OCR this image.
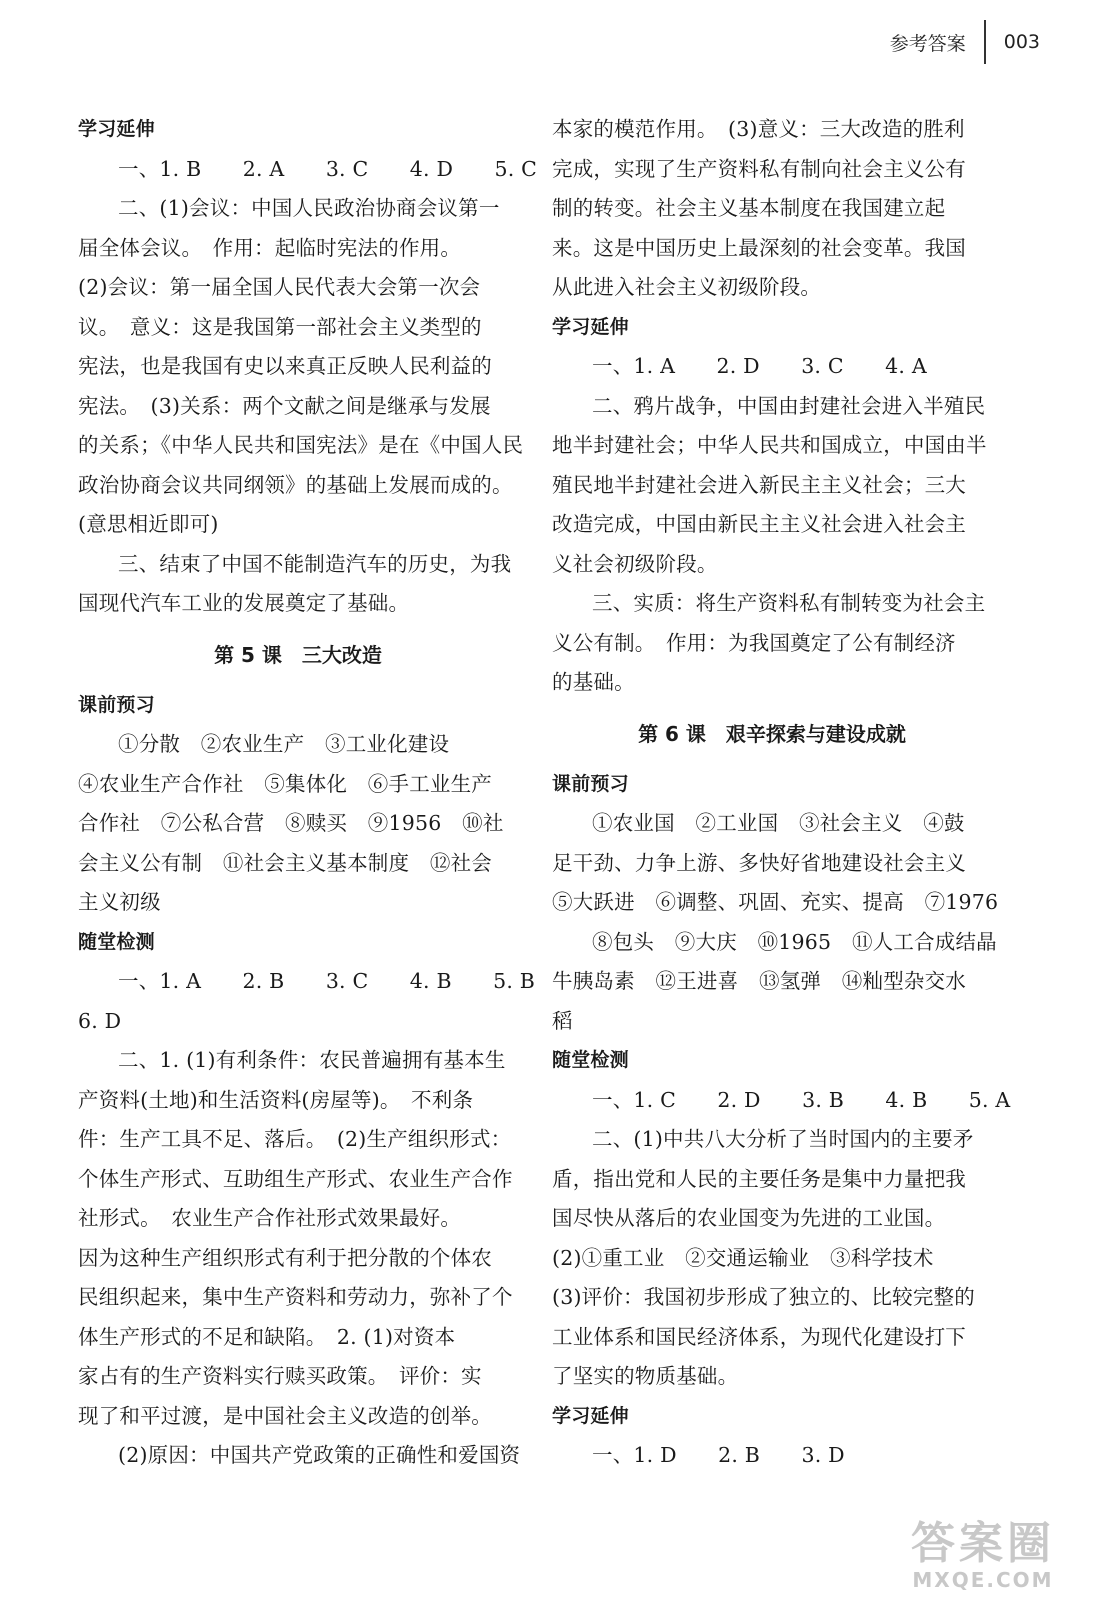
参考答案 003
学习延伸
一、1. B　　2. A　　3. C　　4. D　　5. C
二、(1)会议：中国人民政治协商会议第一
届全体会议。　作用：起临时宪法的作用。
(2)会议：第一届全国人民代表大会第一次会
议。　意义：这是我国第一部社会主义类型的
宪法，也是我国有史以来真正反映人民利益的
宪法。　(3)关系：两个文献之间是继承与发展
的关系；《中华人民共和国宪法》是在《中国人民
政治协商会议共同纲领》的基础上发展而成的。
(意思相近即可)
三、结束了中国不能制造汽车的历史，为我
国现代汽车工业的发展奠定了基础。
第 5 课　三大改造
课前预习
①分散　②农业生产　③工业化建设
④农业生产合作社　⑤集体化　⑥手工业生产
合作社　⑦公私合营　⑧赎买　⑨1956　⑩社
会主义公有制　⑪社会主义基本制度　⑫社会
主义初级
随堂检测
一、1. A　　2. B　　3. C　　4. B　　5. B
6. D
二、1. (1)有利条件：农民普遍拥有基本生
产资料(土地)和生活资料(房屋等)。　不利条
件：生产工具不足、落后。　(2)生产组织形式：
个体生产形式、互助组生产形式、农业生产合作
社形式。　农业生产合作社形式效果最好。
因为这种生产组织形式有利于把分散的个体农
民组织起来，集中生产资料和劳动力，弥补了个
体生产形式的不足和缺陷。　2. (1)对资本
家占有的生产资料实行赎买政策。　评价：实
现了和平过渡，是中国社会主义改造的创举。
(2)原因：中国共产党政策的正确性和爱国资
本家的模范作用。　(3)意义：三大改造的胜利
完成，实现了生产资料私有制向社会主义公有
制的转变。社会主义基本制度在我国建立起
来。这是中国历史上最深刻的社会变革。我国
从此进入社会主义初级阶段。
学习延伸
一、1. A　　2. D　　3. C　　4. A
二、鸦片战争，中国由封建社会进入半殖民
地半封建社会；中华人民共和国成立，中国由半
殖民地半封建社会进入新民主主义社会；三大
改造完成，中国由新民主主义社会进入社会主
义社会初级阶段。
三、实质：将生产资料私有制转变为社会主
义公有制。　作用：为我国奠定了公有制经济
的基础。
第 6 课　艰辛探索与建设成就
课前预习
①农业国　②工业国　③社会主义　④鼓
足干劲、力争上游、多快好省地建设社会主义
⑤大跃进　⑥调整、巩固、充实、提高　⑦1976
⑧包头　⑨大庆　⑩1965　⑪人工合成结晶
牛胰岛素　⑫王进喜　⑬氢弹　⑭籼型杂交水
稻
随堂检测
一、1. C　　2. D　　3. B　　4. B　　5. A
二、(1)中共八大分析了当时国内的主要矛
盾，指出党和人民的主要任务是集中力量把我
国尽快从落后的农业国变为先进的工业国。
(2)①重工业　②交通运输业　③科学技术
(3)评价：我国初步形成了独立的、比较完整的
工业体系和国民经济体系，为现代化建设打下
了坚实的物质基础。
学习延伸
一、1. D　　2. B　　3. D
答案圈
MXQE.COM
